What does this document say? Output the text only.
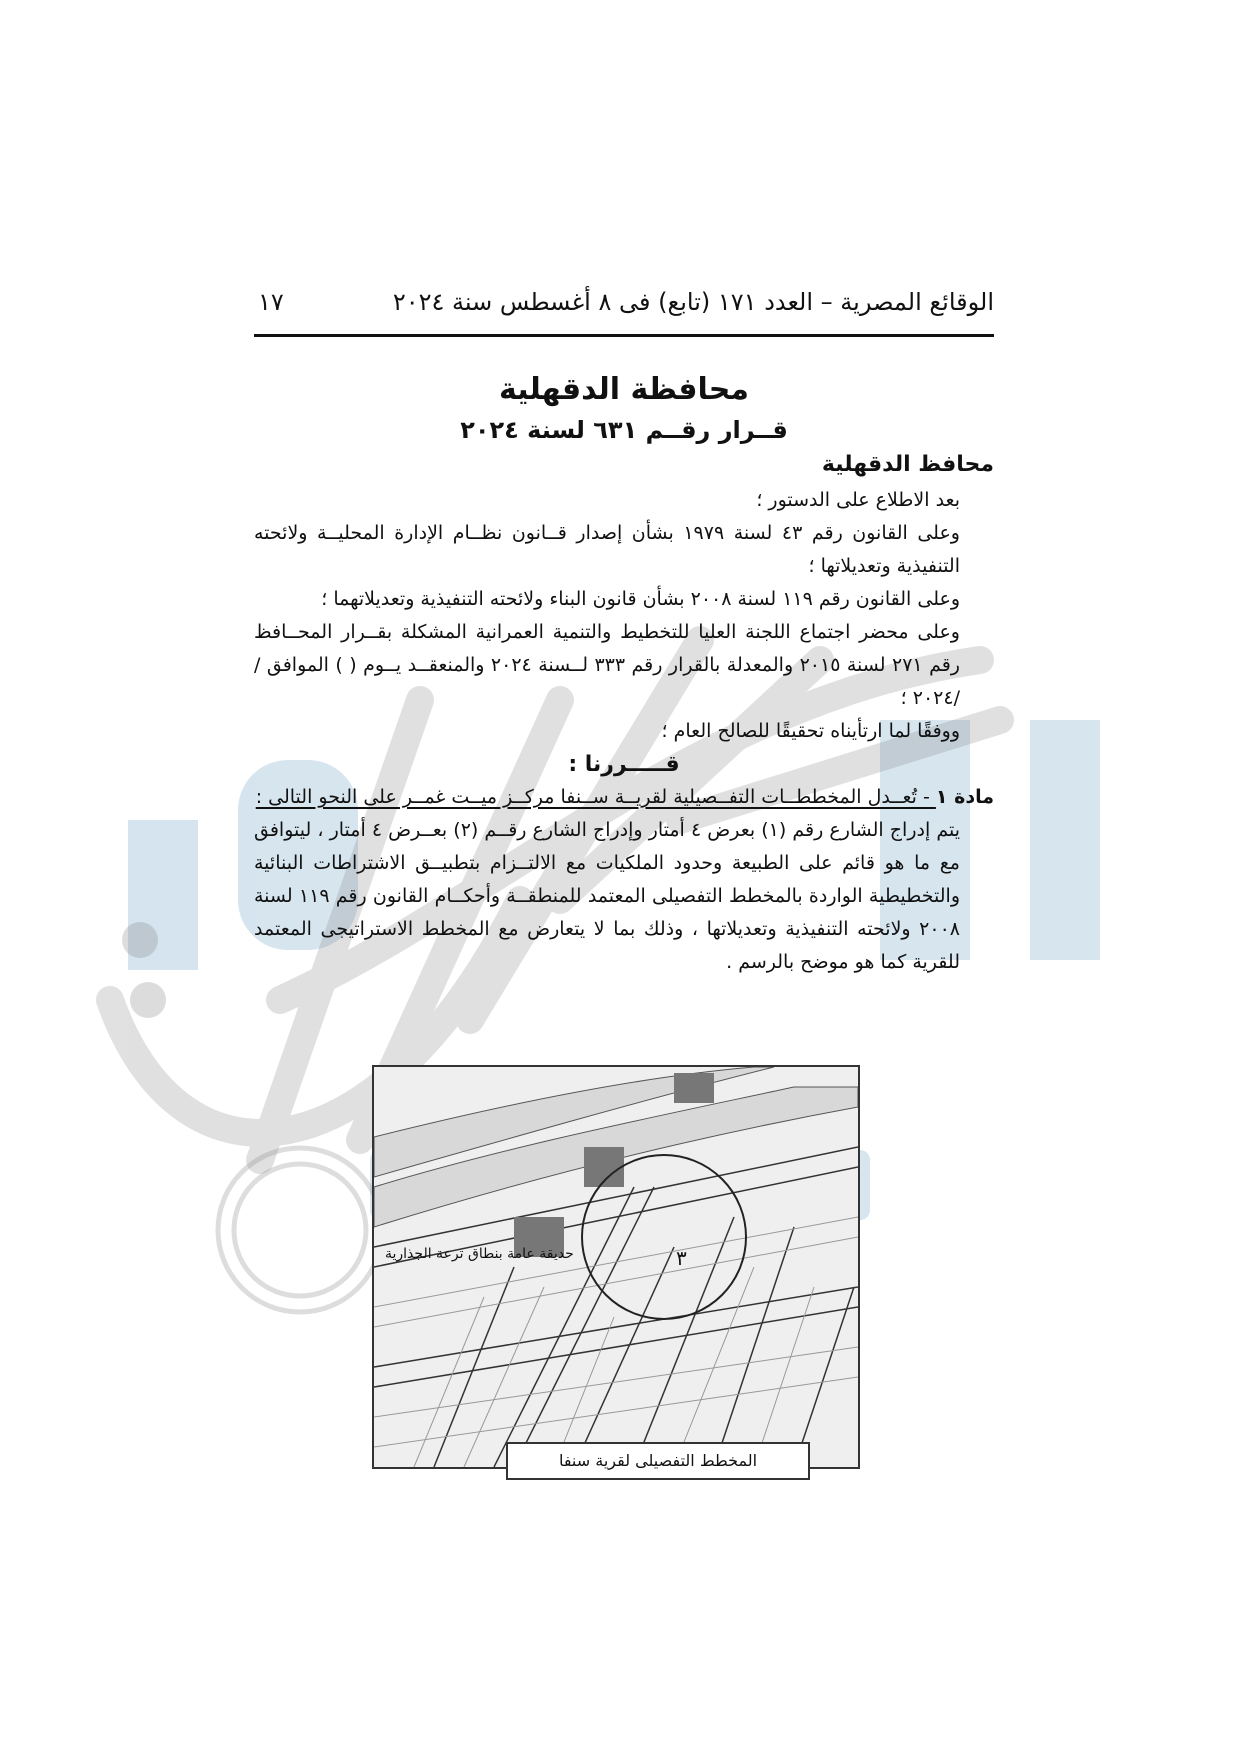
الوقائع المصرية – العدد ١٧١ (تابع) فى ٨ أغسطس سنة ٢٠٢٤
١٧
محافظة الدقهلية
قــرار رقــم ٦٣١ لسنة ٢٠٢٤
محافظ الدقهلية

بعد الاطلاع على الدستور ؛

وعلى القانون رقم ٤٣ لسنة ١٩٧٩ بشأن إصدار قــانون نظــام الإدارة المحليــة ولائحته التنفيذية وتعديلاتها ؛

وعلى القانون رقم ١١٩ لسنة ٢٠٠٨ بشأن قانون البناء ولائحته التنفيذية وتعديلاتهما ؛

وعلى محضر اجتماع اللجنة العليا للتخطيط والتنمية العمرانية المشكلة بقــرار المحــافظ رقم ٢٧١ لسنة ٢٠١٥ والمعدلة بالقرار رقم ٣٣٣ لــسنة ٢٠٢٤ والمنعقــد يــوم ( ) الموافق / /٢٠٢٤ ؛

ووفقًا لما ارتأيناه تحقيقًا للصالح العام ؛

قـــــررنا :

مادة ١ - تُعــدل المخططــات التفــصيلية لقريــة ســنفا مركــز ميــت غمــر على النحو التالى :

يتم إدراج الشارع رقم (١) بعرض ٤ أمتار وإدراج الشارع رقــم (٢) بعــرض ٤ أمتار ، ليتوافق مع ما هو قائم على الطبيعة وحدود الملكيات مع الالتــزام بتطبيــق الاشتراطات البنائية والتخطيطية الواردة بالمخطط التفصيلى المعتمد للمنطقــة وأحكــام القانون رقم ١١٩ لسنة ٢٠٠٨ ولائحته التنفيذية وتعديلاتها ، وذلك بما لا يتعارض مع المخطط الاستراتيجى المعتمد للقرية كما هو موضح بالرسم .

حديقة عامة بنطاق ترعة الجذارية	٣
المخطط التفصيلى لقرية سنفا
